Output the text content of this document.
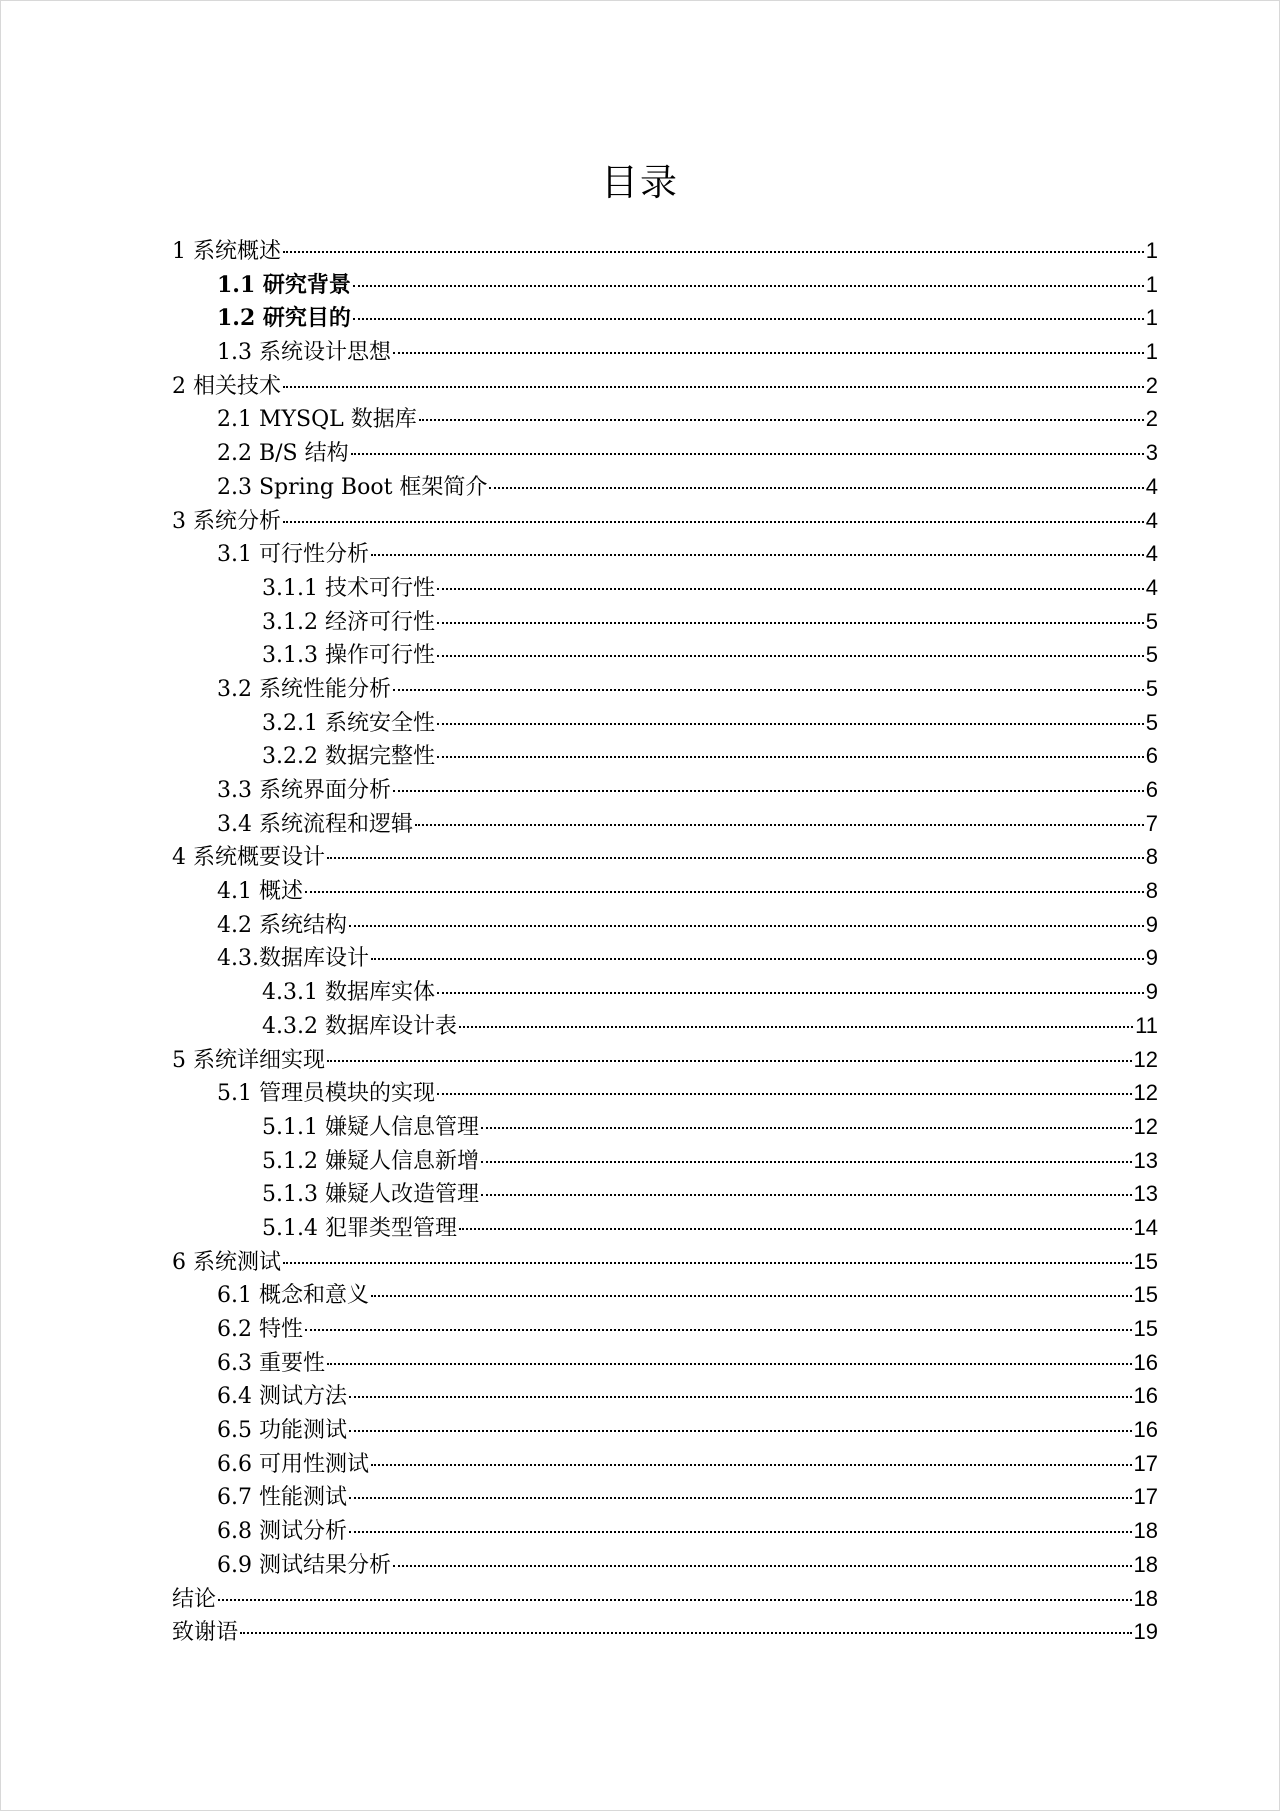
目录
1 系统概述	1
1.1 研究背景	1
1.2 研究目的	1
1.3 系统设计思想	1
2 相关技术	2
2.1 MYSQL 数据库	2
2.2 B/S 结构	3
2.3 Spring Boot 框架简介	4
3 系统分析	4
3.1 可行性分析	4
3.1.1 技术可行性	4
3.1.2 经济可行性	5
3.1.3 操作可行性	5
3.2 系统性能分析	5
3.2.1 系统安全性	5
3.2.2 数据完整性	6
3.3 系统界面分析	6
3.4 系统流程和逻辑	7
4 系统概要设计	8
4.1 概述	8
4.2 系统结构	9
4.3.数据库设计	9
4.3.1 数据库实体	9
4.3.2 数据库设计表	11
5 系统详细实现	12
5.1 管理员模块的实现	12
5.1.1 嫌疑人信息管理	12
5.1.2 嫌疑人信息新增	13
5.1.3 嫌疑人改造管理	13
5.1.4 犯罪类型管理	14
6 系统测试	15
6.1 概念和意义	15
6.2 特性	15
6.3 重要性	16
6.4 测试方法	16
6.5 功能测试	16
6.6 可用性测试	17
6.7 性能测试	17
6.8 测试分析	18
6.9 测试结果分析	18
结论	18
致谢语	19
